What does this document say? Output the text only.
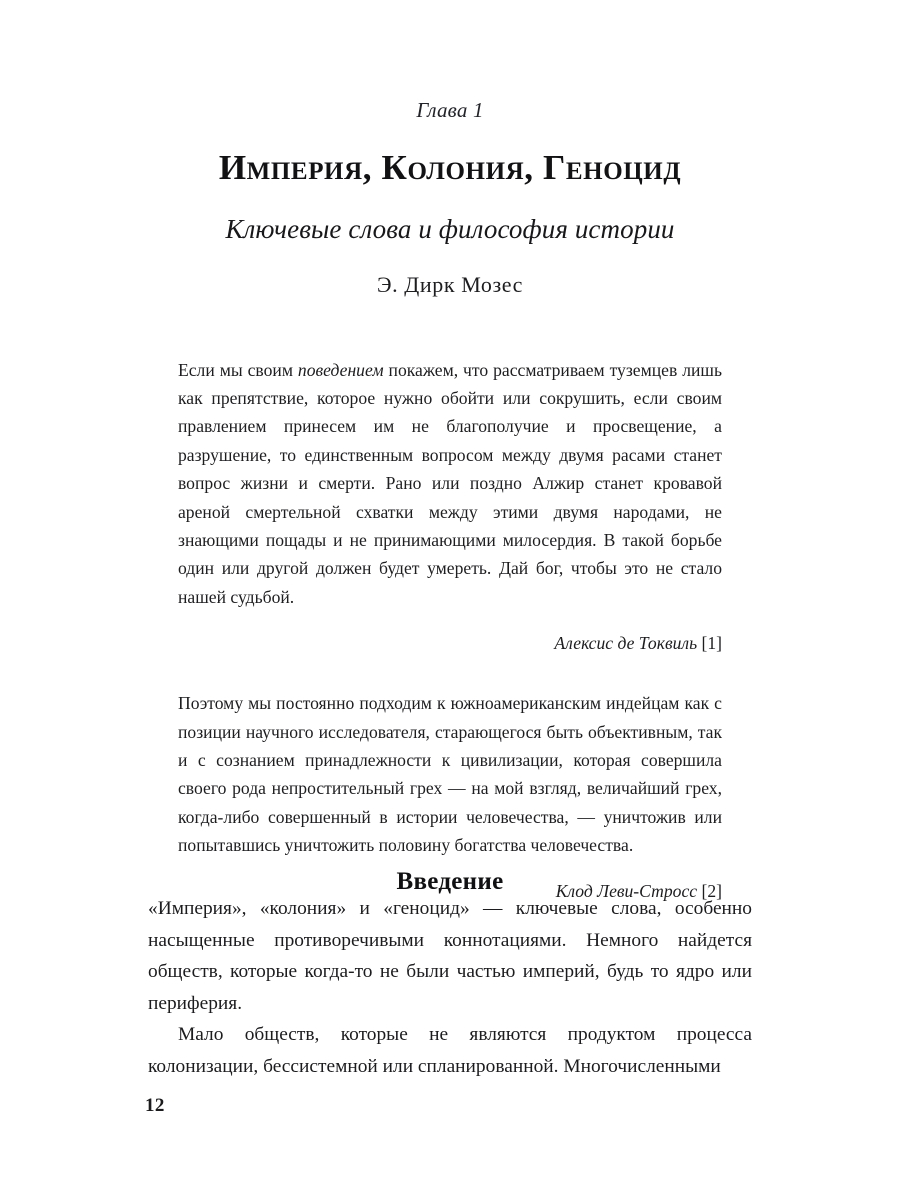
Глава 1
Империя, Колония, Геноцид
Ключевые слова и философия истории
Э. Дирк Мозес

Если мы своим поведением покажем, что рассматриваем туземцев лишь как препятствие, которое нужно обойти или сокрушить, если своим правлением принесем им не благополучие и просвещение, а разрушение, то единственным вопросом между двумя расами станет вопрос жизни и смерти. Рано или поздно Алжир станет кровавой ареной смертельной схватки между этими двумя народами, не знающими пощады и не принимающими милосердия. В такой борьбе один или другой должен будет умереть. Дай бог, чтобы это не стало нашей судьбой.

Алексис де Токвиль [1]

Поэтому мы постоянно подходим к южноамериканским индейцам как с позиции научного исследователя, старающегося быть объективным, так и с сознанием принадлежности к цивилизации, которая совершила своего рода непростительный грех — на мой взгляд, величайший грех, когда-либо совершенный в истории человечества, — уничтожив или попытавшись уничтожить половину богатства человечества.

Клод Леви-Стросс [2]
Введение

«Империя», «колония» и «геноцид» — ключевые слова, особенно насыщенные противоречивыми коннотациями. Немного найдется обществ, которые когда-то не были частью империй, будь то ядро или периферия.

Мало обществ, которые не являются продуктом процесса колонизации, бессистемной или спланированной. Многочисленными

12
